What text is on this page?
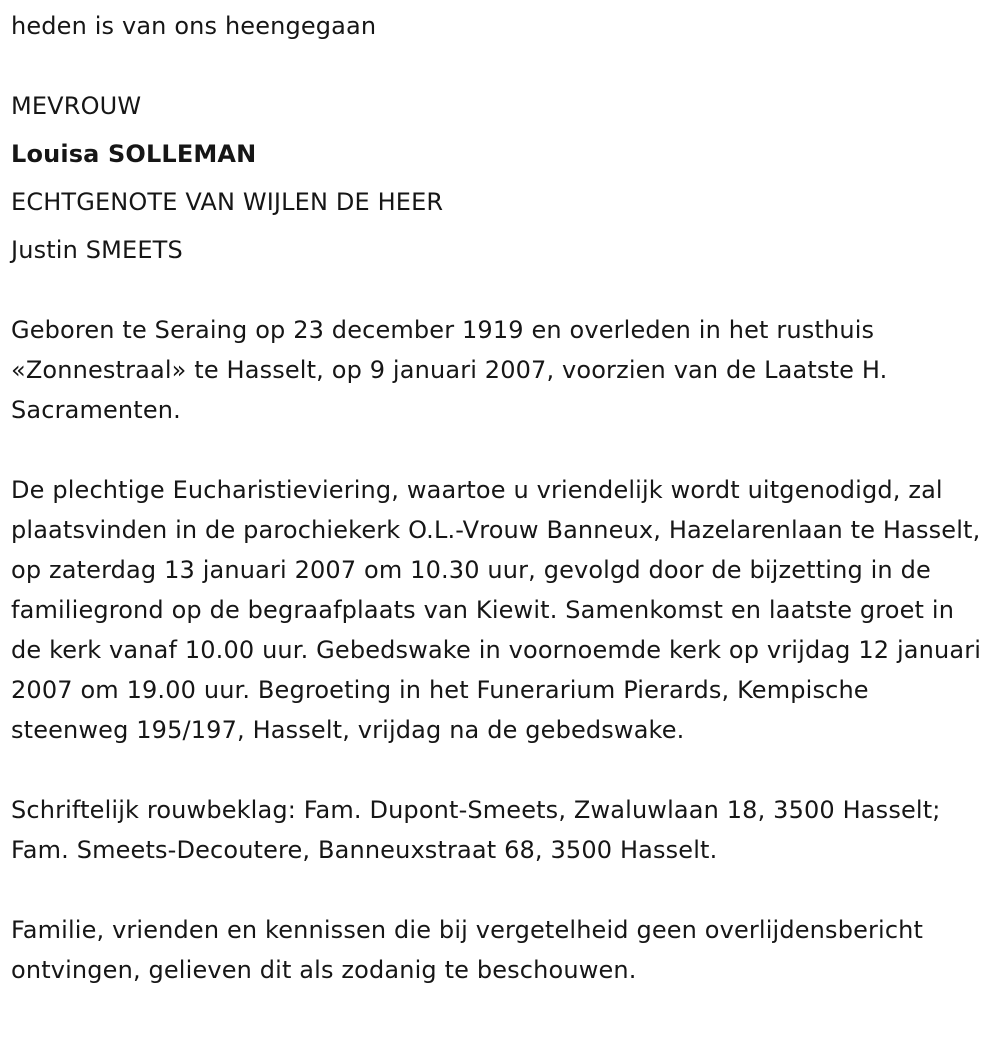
heden is van ons heengegaan
MEVROUW
Louisa SOLLEMAN
ECHTGENOTE VAN WIJLEN DE HEER
Justin SMEETS

Geboren te Seraing op 23 december 1919 en overleden in het rusthuis «Zonnestraal» te Hasselt, op 9 januari 2007, voorzien van de Laatste H. Sacramenten.

De plechtige Eucharistieviering, waartoe u vriendelijk wordt uitgenodigd, zal plaatsvinden in de parochiekerk O.L.-Vrouw Banneux, Hazelarenlaan te Hasselt, op zaterdag 13 januari 2007 om 10.30 uur, gevolgd door de bijzetting in de familiegrond op de begraafplaats van Kiewit. Samenkomst en laatste groet in de kerk vanaf 10.00 uur. Gebedswake in voornoemde kerk op vrijdag 12 januari 2007 om 19.00 uur. Begroeting in het Funerarium Pierards, Kempische steenweg 195/197, Hasselt, vrijdag na de gebedswake.

Schriftelijk rouwbeklag: Fam. Dupont-Smeets, Zwaluwlaan 18, 3500 Hasselt; Fam. Smeets-Decoutere, Banneuxstraat 68, 3500 Hasselt.

Familie, vrienden en kennissen die bij vergetelheid geen overlijdensbericht ontvingen, gelieven dit als zodanig te beschouwen.
